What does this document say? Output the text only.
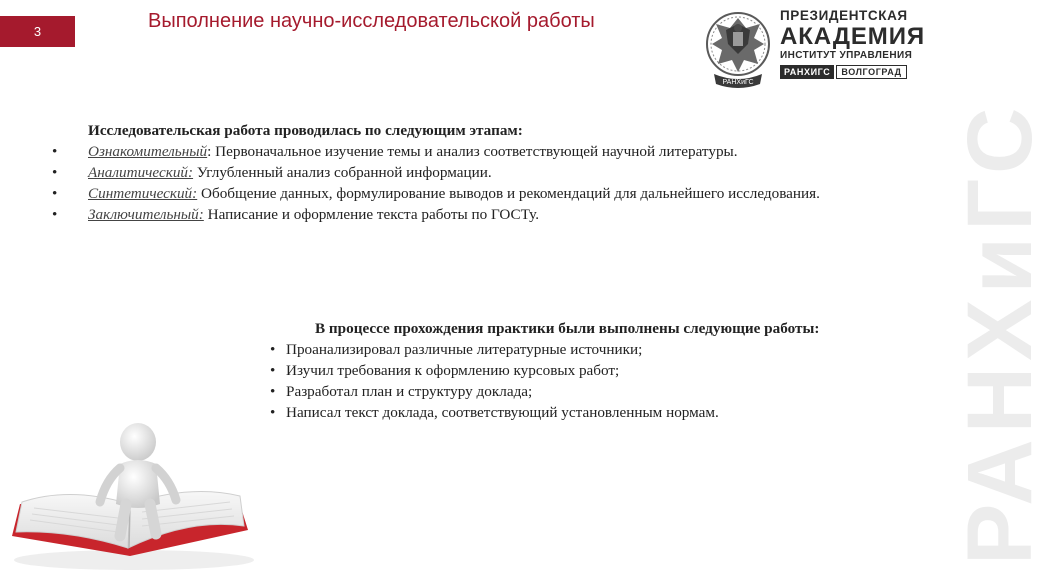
3	Выполнение научно-исследовательской работы
РАНХиГС
ПРЕЗИДЕНТСКАЯ
АКАДЕМИЯ
ИНСТИТУТ УПРАВЛЕНИЯ
РАНХИГС	ВОЛГОГРАД
РАНХиГС
Исследовательская работа проводилась по следующим этапам:
• Ознакомительный: Первоначальное изучение темы и анализ соответствующей научной литературы.
• Аналитический: Углубленный анализ собранной информации.
• Синтетический: Обобщение данных, формулирование выводов и рекомендаций для дальнейшего исследования.
• Заключительный: Написание и оформление текста работы по ГОСТу.
В процессе прохождения практики были выполнены следующие работы:
• Проанализировал различные литературные источники;
• Изучил требования к оформлению курсовых работ;
• Разработал план и структуру доклада;
• Написал текст доклада, соответствующий установленным нормам.
